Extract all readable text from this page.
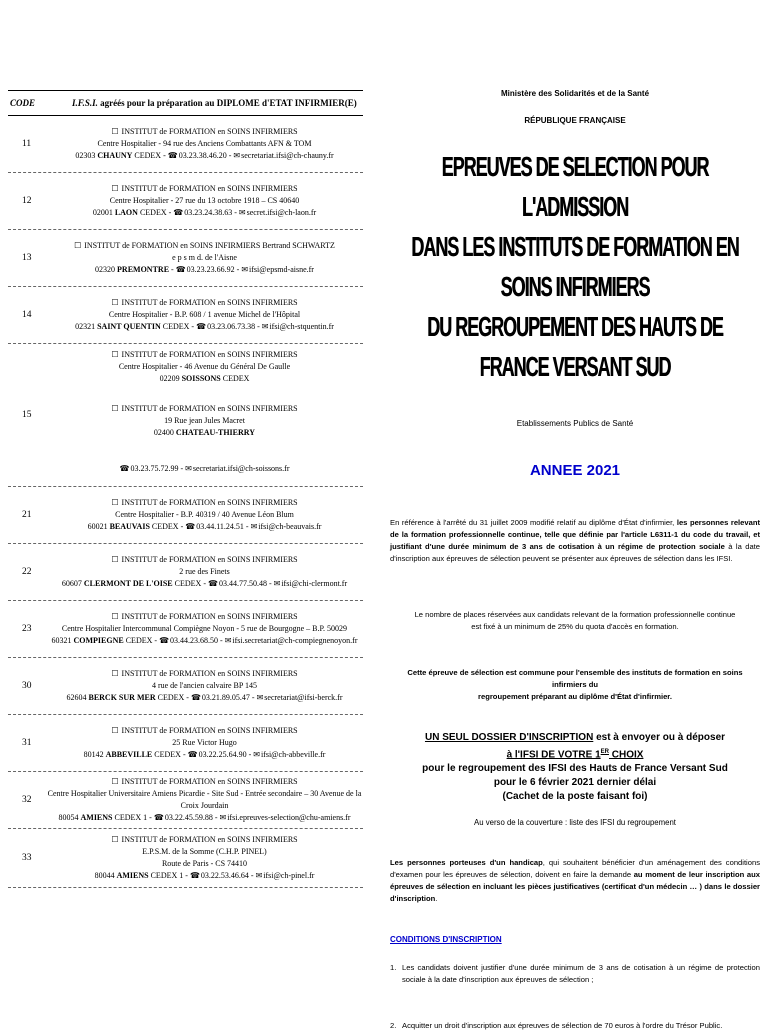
CODE	I.F.S.I. agréés pour la préparation au DIPLOME d'ETAT INFIRMIER(E)
11
☐ INSTITUT de FORMATION en SOINS INFIRMIERS
Centre Hospitalier - 94 rue des Anciens Combattants AFN & TOM
02303 CHAUNY CEDEX - ☎ 03.23.38.46.20 - ✉ secretariat.ifsi@ch-chauny.fr
12
☐ INSTITUT de FORMATION en SOINS INFIRMIERS
Centre Hospitalier - 27 rue du 13 octobre 1918 – CS 40640
02001 LAON CEDEX - ☎ 03.23.24.38.63 - ✉ secret.ifsi@ch-laon.fr
13
☐ INSTITUT de FORMATION en SOINS INFIRMIERS Bertrand SCHWARTZ
e p s m d. de l'Aisne
02320 PREMONTRE - ☎ 03.23.23.66.92 - ✉ ifsi@epsmd-aisne.fr
14
☐ INSTITUT de FORMATION en SOINS INFIRMIERS
Centre Hospitalier - B.P. 608 / 1 avenue Michel de l'Hôpital
02321 SAINT QUENTIN CEDEX - ☎ 03.23.06.73.38 - ✉ ifsi@ch-stquentin.fr
15
☐ INSTITUT de FORMATION en SOINS INFIRMIERS
Centre Hospitalier - 46 Avenue du Général De Gaulle
02209 SOISSONS CEDEX
☐ INSTITUT de FORMATION en SOINS INFIRMIERS
19 Rue jean Jules Macret
02400 CHATEAU-THIERRY
☎ 03.23.75.72.99 - ✉ secretariat.ifsi@ch-soissons.fr
21
☐ INSTITUT de FORMATION en SOINS INFIRMIERS
Centre Hospitalier - B.P. 40319 / 40 Avenue Léon Blum
60021 BEAUVAIS CEDEX - ☎ 03.44.11.24.51 - ✉ ifsi@ch-beauvais.fr
22
☐ INSTITUT de FORMATION en SOINS INFIRMIERS
2 rue des Finets
60607 CLERMONT DE L'OISE CEDEX - ☎ 03.44.77.50.48 - ✉ ifsi@chi-clermont.fr
23
☐ INSTITUT de FORMATION en SOINS INFIRMIERS
Centre Hospitalier Intercommunal Compiègne Noyon - 5 rue de Bourgogne – B.P. 50029
60321 COMPIEGNE CEDEX - ☎ 03.44.23.68.50 - ✉ ifsi.secretariat@ch-compiegnenoyon.fr
30
☐ INSTITUT de FORMATION en SOINS INFIRMIERS
4 rue de l'ancien calvaire BP 145
62604 BERCK SUR MER CEDEX - ☎ 03.21.89.05.47 - ✉ secretariat@ifsi-berck.fr
31
☐ INSTITUT de FORMATION en SOINS INFIRMIERS
25 Rue Victor Hugo
80142 ABBEVILLE CEDEX - ☎ 03.22.25.64.90 - ✉ ifsi@ch-abbeville.fr
32
☐ INSTITUT de FORMATION en SOINS INFIRMIERS
Centre Hospitalier Universitaire Amiens Picardie - Site Sud - Entrée secondaire – 30 Avenue de la Croix Jourdain
80054 AMIENS CEDEX 1 - ☎ 03.22.45.59.88 - ✉ ifsi.epreuves-selection@chu-amiens.fr
33
☐ INSTITUT de FORMATION en SOINS INFIRMIERS
E.P.S.M. de la Somme (C.H.P. PINEL)
Route de Paris - CS 74410
80044 AMIENS CEDEX 1 - ☎ 03.22.53.46.64 - ✉ ifsi@ch-pinel.fr
Ministère des Solidarités et de la Santé
RÉPUBLIQUE FRANÇAISE
EPREUVES DE SELECTION POUR L'ADMISSION
DANS LES INSTITUTS DE FORMATION EN SOINS INFIRMIERS
DU REGROUPEMENT DES HAUTS DE FRANCE VERSANT SUD
Etablissements Publics de Santé
ANNEE 2021
En référence à l'arrêté du 31 juillet 2009 modifié relatif au diplôme d'État d'infirmier, les personnes relevant de la formation professionnelle continue, telle que définie par l'article L6311-1 du code du travail, et justifiant d'une durée minimum de 3 ans de cotisation à un régime de protection sociale à la date d'inscription aux épreuves de sélection peuvent se présenter aux épreuves de sélection dans les IFSI.
Le nombre de places réservées aux candidats relevant de la formation professionnelle continue
est fixé à un minimum de 25% du quota d'accès en formation.
Cette épreuve de sélection est commune pour l'ensemble des instituts de formation en soins infirmiers du
regroupement préparant au diplôme d'État d'infirmier.
UN SEUL DOSSIER D'INSCRIPTION est à envoyer ou à déposer
à l'IFSI DE VOTRE 1ER CHOIX
pour le regroupement des IFSI des Hauts de France Versant Sud
pour le 6 février 2021 dernier délai
(Cachet de la poste faisant foi)
Au verso de la couverture : liste des IFSI du regroupement
Les personnes porteuses d'un handicap, qui souhaitent bénéficier d'un aménagement des conditions d'examen pour les épreuves de sélection, doivent en faire la demande au moment de leur inscription aux épreuves de sélection en incluant les pièces justificatives (certificat d'un médecin … ) dans le dossier d'inscription.
CONDITIONS D'INSCRIPTION
1. Les candidats doivent justifier d'une durée minimum de 3 ans de cotisation à un régime de protection sociale à la date d'inscription aux épreuves de sélection ;
2. Acquitter un droit d'inscription aux épreuves de sélection de 70 euros à l'ordre du Trésor Public.
